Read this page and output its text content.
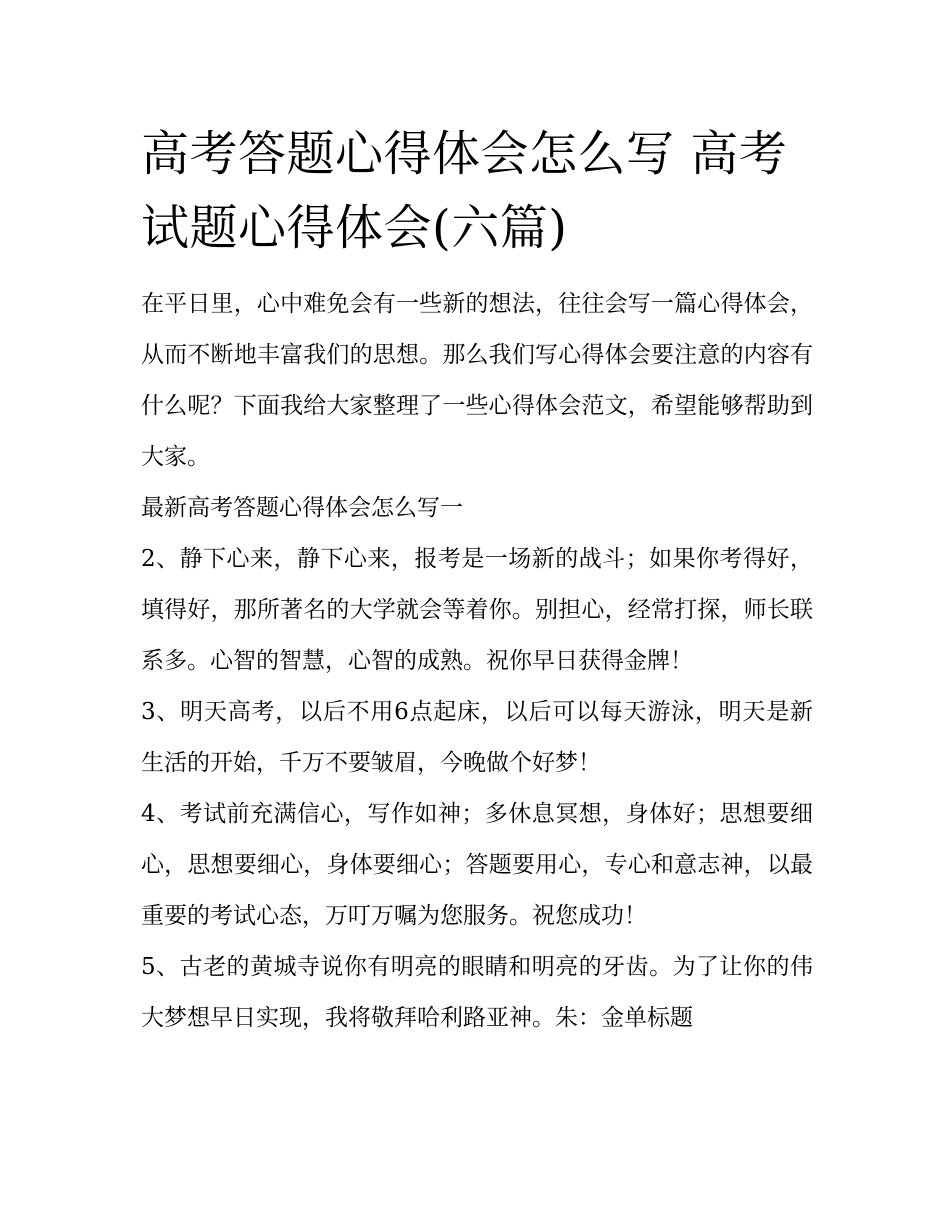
高考答题心得体会怎么写 高考试题心得体会(六篇)

在平日里，心中难免会有一些新的想法，往往会写一篇心得体会，从而不断地丰富我们的思想。那么我们写心得体会要注意的内容有什么呢？下面我给大家整理了一些心得体会范文，希望能够帮助到大家。

最新高考答题心得体会怎么写一

2、静下心来，静下心来，报考是一场新的战斗；如果你考得好，填得好，那所著名的大学就会等着你。别担心，经常打探，师长联系多。心智的智慧，心智的成熟。祝你早日获得金牌！

3、明天高考，以后不用6点起床，以后可以每天游泳，明天是新生活的开始，千万不要皱眉，今晚做个好梦！

4、考试前充满信心，写作如神；多休息冥想，身体好；思想要细心，思想要细心，身体要细心；答题要用心，专心和意志神，以最重要的考试心态，万叮万嘱为您服务。祝您成功！

5、古老的黄城寺说你有明亮的眼睛和明亮的牙齿。为了让你的伟大梦想早日实现，我将敬拜哈利路亚神。朱：金单标题
